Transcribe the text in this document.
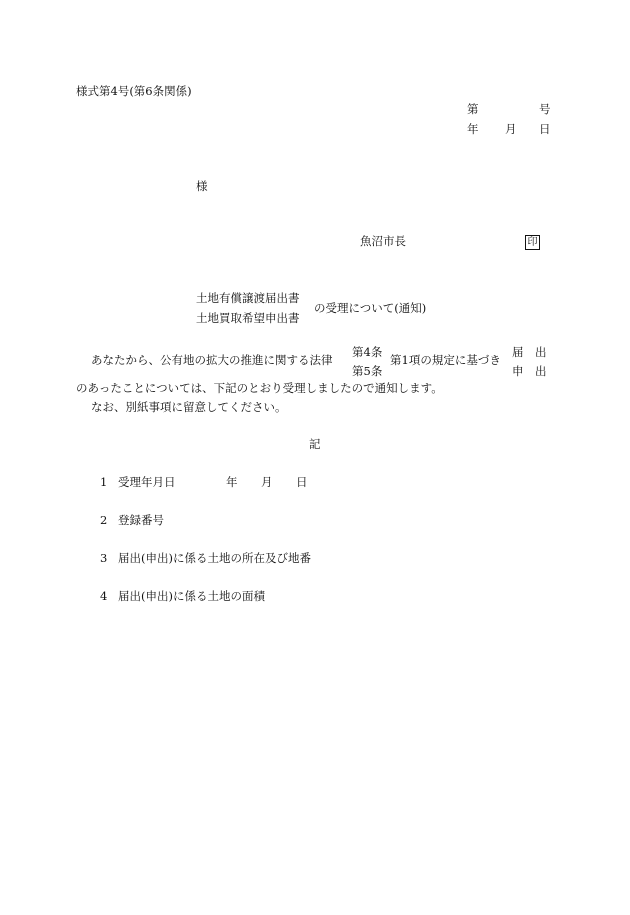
様式第4号(第6条関係)
第	号
年 月 日
様
魚沼市長	印
土地有償譲渡届出書
土地買取希望申出書
の受理について(通知)
あなたから、公有地の拡大の推進に関する法律
第4条
第5条
第1項の規定に基づき
届　出
申　出
のあったことについては、下記のとおり受理しましたので通知します。
なお、別紙事項に留意してください。
記
1 受理年月日	年 月 日
2 登録番号
3 届出(申出)に係る土地の所在及び地番
4 届出(申出)に係る土地の面積
